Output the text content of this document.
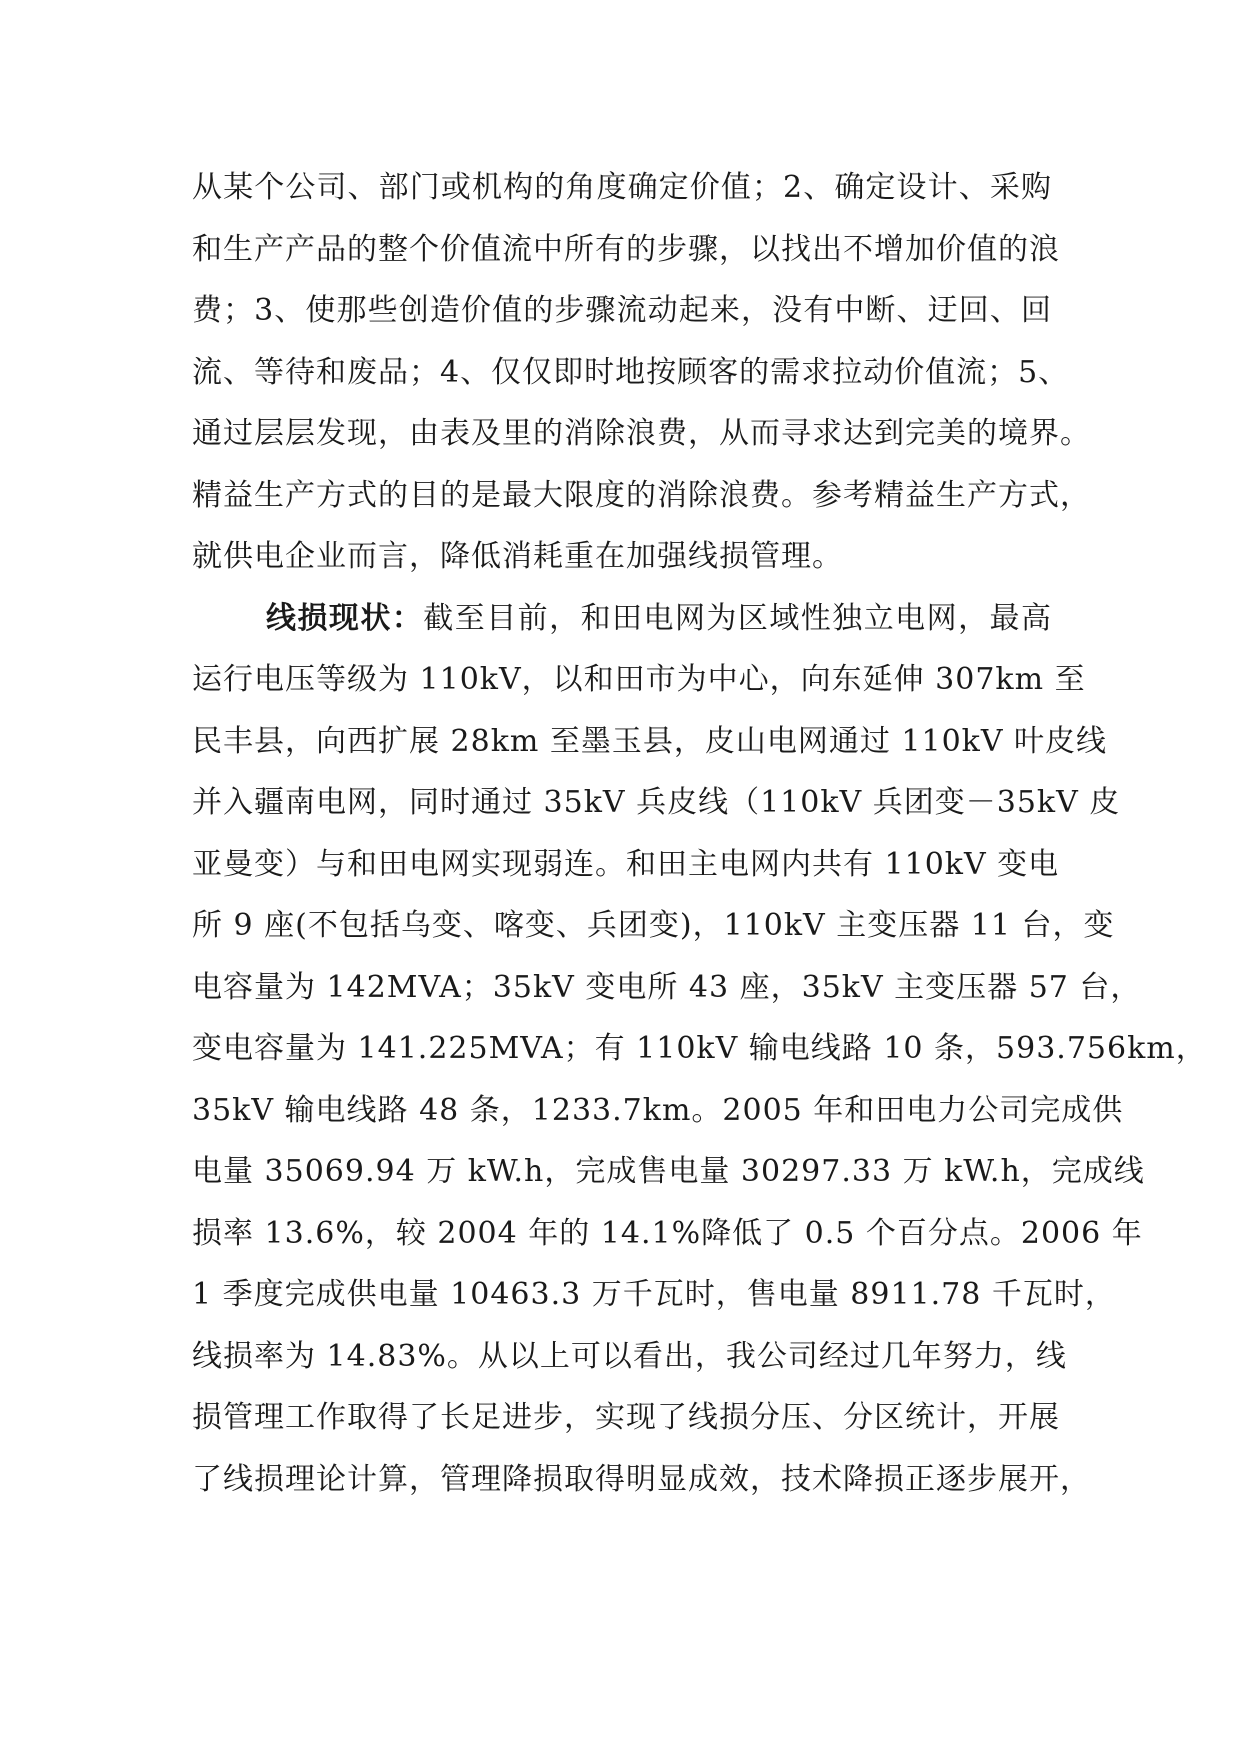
从某个公司、部门或机构的角度确定价值；2、确定设计、采购
和生产产品的整个价值流中所有的步骤，以找出不增加价值的浪
费；3、使那些创造价值的步骤流动起来，没有中断、迂回、回
流、等待和废品；4、仅仅即时地按顾客的需求拉动价值流；5、
通过层层发现，由表及里的消除浪费，从而寻求达到完美的境界。
精益生产方式的目的是最大限度的消除浪费。参考精益生产方式，
就供电企业而言，降低消耗重在加强线损管理。
线损现状：截至目前，和田电网为区域性独立电网，最高
运行电压等级为 110kV，以和田市为中心，向东延伸 307km 至
民丰县，向西扩展 28km 至墨玉县，皮山电网通过 110kV 叶皮线
并入疆南电网，同时通过 35kV 兵皮线（110kV 兵团变－35kV 皮
亚曼变）与和田电网实现弱连。和田主电网内共有 110kV 变电
所 9 座(不包括乌变、喀变、兵团变)，110kV 主变压器 11 台，变
电容量为 142MVA；35kV 变电所 43 座，35kV 主变压器 57 台，
变电容量为 141.225MVA；有 110kV 输电线路 10 条，593.756km，
35kV 输电线路 48 条，1233.7km。2005 年和田电力公司完成供
电量 35069.94 万 kW.h，完成售电量 30297.33 万 kW.h，完成线
损率 13.6%，较 2004 年的 14.1%降低了 0.5 个百分点。2006 年
1 季度完成供电量 10463.3 万千瓦时，售电量 8911.78 千瓦时，
线损率为 14.83%。从以上可以看出，我公司经过几年努力，线
损管理工作取得了长足进步，实现了线损分压、分区统计，开展
了线损理论计算，管理降损取得明显成效，技术降损正逐步展开，
